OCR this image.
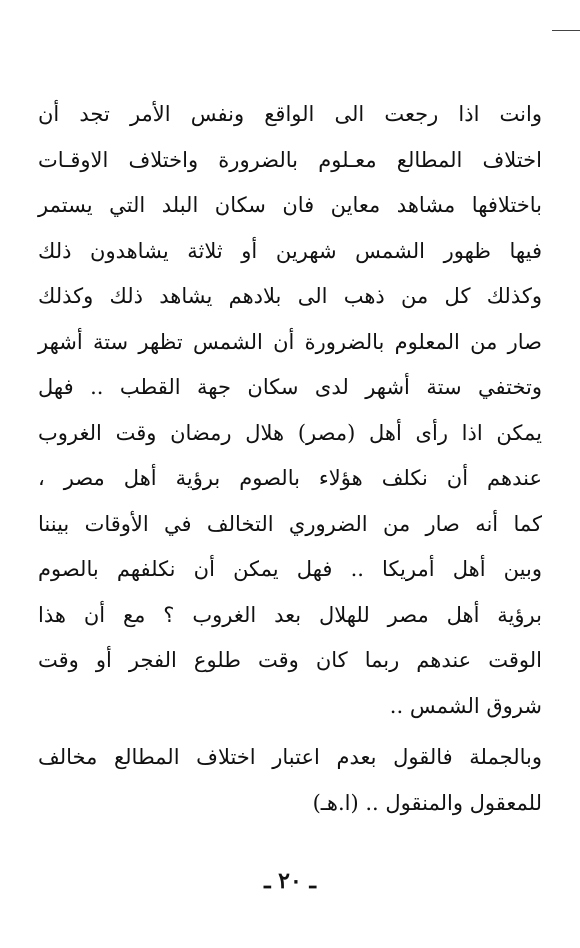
وانت اذا رجعت الى الواقع ونفس الأمر تجد أن
اختلاف المطالع معـلوم بالضرورة واختلاف الاوقـات
باختلافها مشاهد معاين فان سكان البلد التي يستمر
فيها ظهور الشمس شهرين أو ثلاثة يشاهدون ذلك
وكذلك كل من ذهب الى بلادهم يشاهد ذلك وكذلك
صار من المعلوم بالضرورة أن الشمس تظهر ستة أشهر
وتختفي ستة أشهر لدى سكان جهة القطب .. فهل
يمكن اذا رأى أهل (مصر) هلال رمضان وقت الغروب
عندهم أن نكلف هؤلاء بالصوم برؤية أهل مصر ،
كما أنه صار من الضروري التخالف في الأوقات بيننا
وبين أهل أمريكا .. فهل يمكن أن نكلفهم بالصوم
برؤية أهل مصر للهلال بعد الغروب ؟ مع أن هذا
الوقت عندهم ربما كان وقت طلوع الفجر أو وقت
شروق الشمس ..
وبالجملة فالقول بعدم اعتبار اختلاف المطالع مخالف
للمعقول والمنقول .. (ا.هـ)
ـ ٢٠ ـ
